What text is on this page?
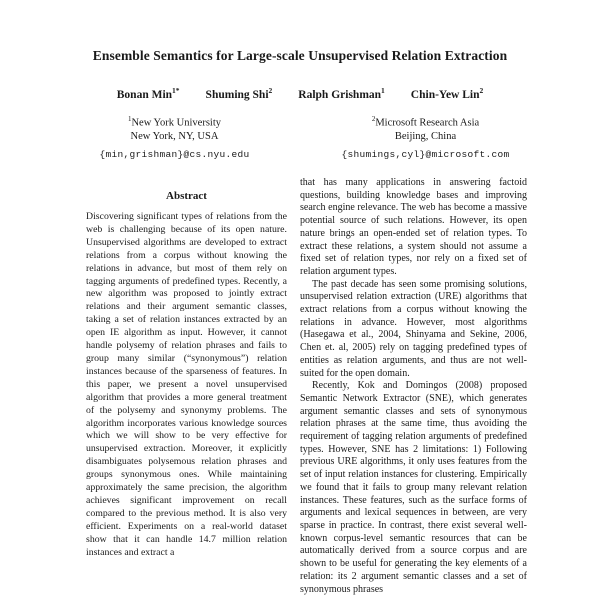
Ensemble Semantics for Large-scale Unsupervised Relation Extraction
Bonan Min$^{1*}$ Shuming Shi$^2$ Ralph Grishman$^1$ Chin-Yew Lin$^2$
$^1$New York University
New York, NY, USA
{min,grishman}@cs.nyu.edu
$^2$Microsoft Research Asia
Beijing, China
{shumings,cyl}@microsoft.com
Abstract

Discovering significant types of relations from the web is challenging because of its open nature. Unsupervised algorithms are developed to extract relations from a corpus without knowing the relations in advance, but most of them rely on tagging arguments of predefined types. Recently, a new algorithm was proposed to jointly extract relations and their argument semantic classes, taking a set of relation instances extracted by an open IE algorithm as input. However, it cannot handle polysemy of relation phrases and fails to group many similar (“synonymous”) relation instances because of the sparseness of features. In this paper, we present a novel unsupervised algorithm that provides a more general treatment of the polysemy and synonymy problems. The algorithm incorporates various knowledge sources which we will show to be very effective for unsupervised extraction. Moreover, it explicitly disambiguates polysemous relation phrases and groups synonymous ones. While maintaining approximately the same precision, the algorithm achieves significant improvement on recall compared to the previous method. It is also very efficient. Experiments on a real-world dataset show that it can handle 14.7 million relation instances and extract a

that has many applications in answering factoid questions, building knowledge bases and improving search engine relevance. The web has become a massive potential source of such relations. However, its open nature brings an open-ended set of relation types. To extract these relations, a system should not assume a fixed set of relation types, nor rely on a fixed set of relation argument types.

The past decade has seen some promising solutions, unsupervised relation extraction (URE) algorithms that extract relations from a corpus without knowing the relations in advance. However, most algorithms (Hasegawa et al., 2004, Shinyama and Sekine, 2006, Chen et. al, 2005) rely on tagging predefined types of entities as relation arguments, and thus are not well-suited for the open domain.

Recently, Kok and Domingos (2008) proposed Semantic Network Extractor (SNE), which generates argument semantic classes and sets of synonymous relation phrases at the same time, thus avoiding the requirement of tagging relation arguments of predefined types. However, SNE has 2 limitations: 1) Following previous URE algorithms, it only uses features from the set of input relation instances for clustering. Empirically we found that it fails to group many relevant relation instances. These features, such as the surface forms of arguments and lexical sequences in between, are very sparse in practice. In contrast, there exist several well-known corpus-level semantic resources that can be automatically derived from a source corpus and are shown to be useful for generating the key elements of a relation: its 2 argument semantic classes and a set of synonymous phrases
